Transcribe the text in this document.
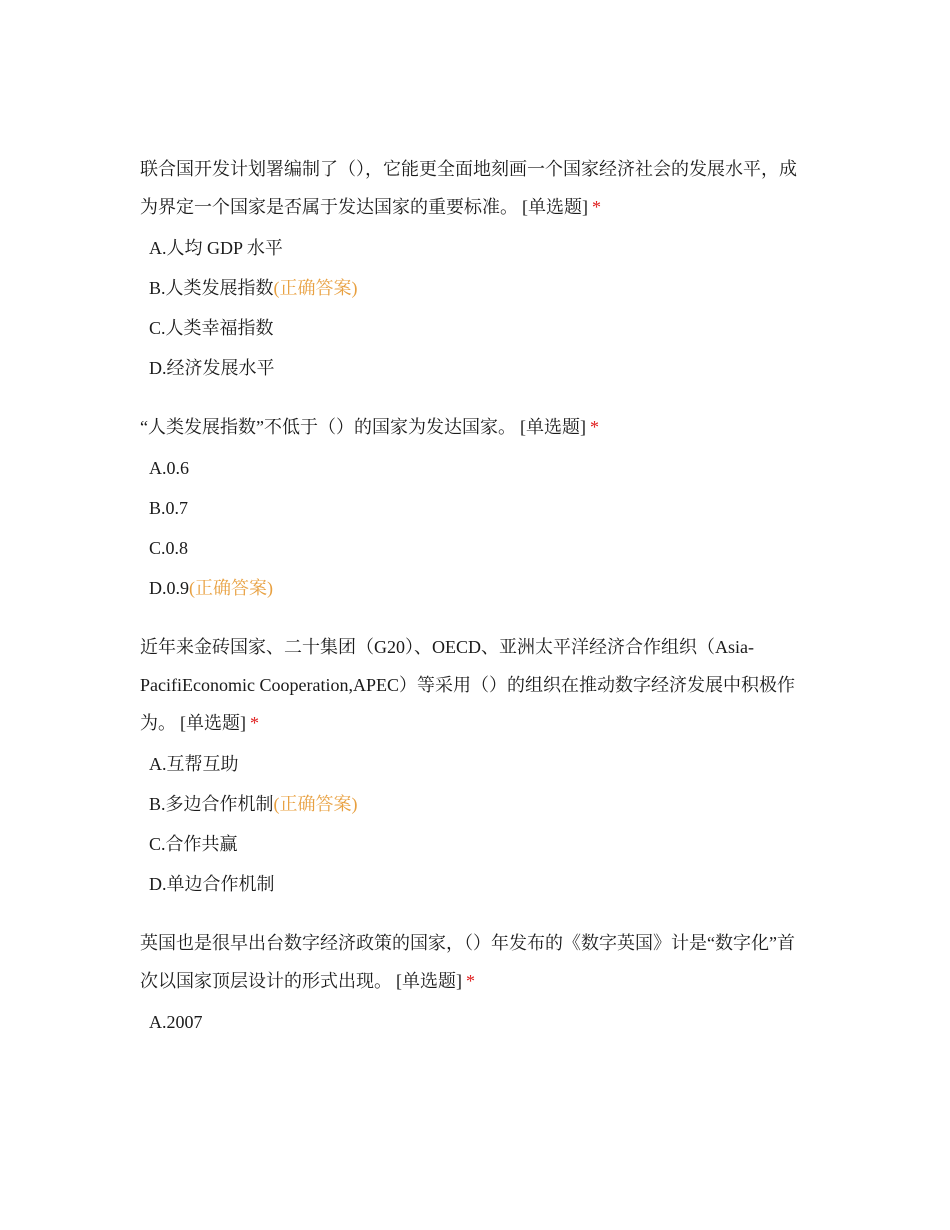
联合国开发计划署编制了（），它能更全面地刻画一个国家经济社会的发展水平，成为界定一个国家是否属于发达国家的重要标准。 [单选题] *

A.人均 GDP 水平
B.人类发展指数(正确答案)
C.人类幸福指数
D.经济发展水平

“人类发展指数”不低于（）的国家为发达国家。 [单选题] *

A.0.6
B.0.7
C.0.8
D.0.9(正确答案)

近年来金砖国家、二十集团（G20）、OECD、亚洲太平洋经济合作组织（Asia-PacifiEconomic Cooperation,APEC）等采用（）的组织在推动数字经济发展中积极作为。 [单选题] *

A.互帮互助
B.多边合作机制(正确答案)
C.合作共赢
D.单边合作机制

英国也是很早出台数字经济政策的国家，（）年发布的《数字英国》计是“数字化”首次以国家顶层设计的形式出现。 [单选题] *

A.2007
